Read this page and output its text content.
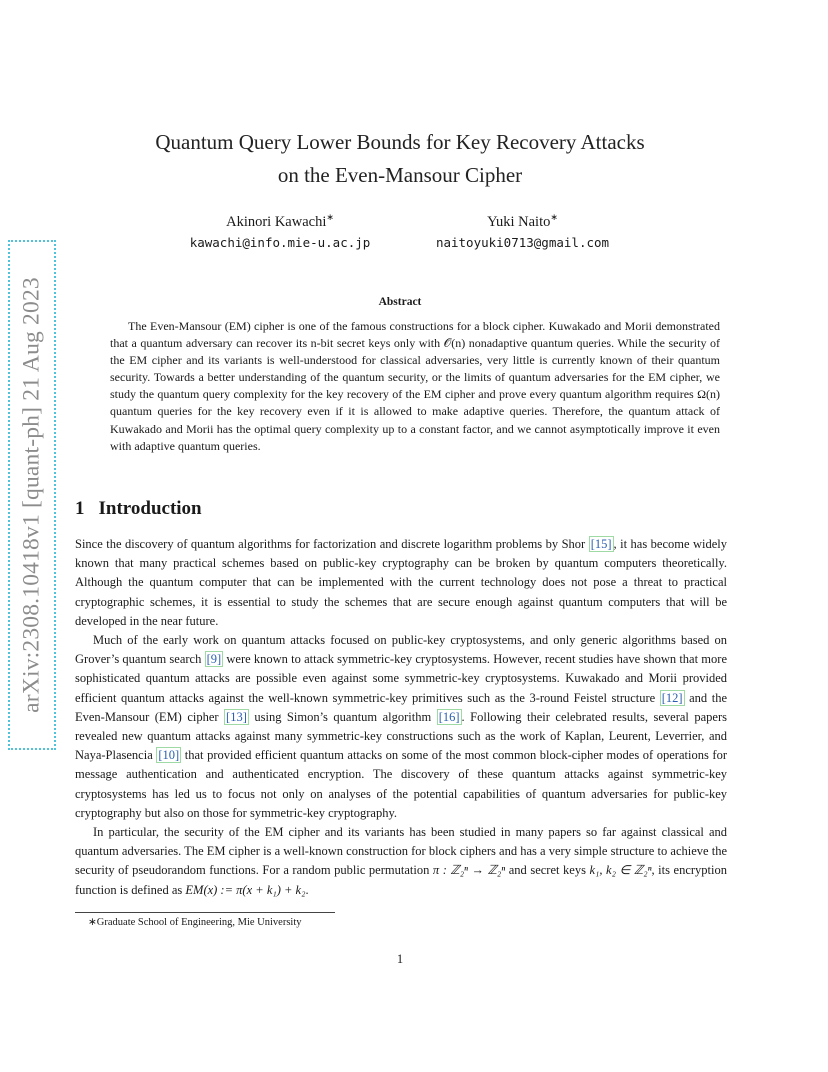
arXiv:2308.10418v1 [quant-ph] 21 Aug 2023
Quantum Query Lower Bounds for Key Recovery Attacks
on the Even-Mansour Cipher
Akinori Kawachi∗
kawachi@info.mie-u.ac.jp
Yuki Naito∗
naitoyuki0713@gmail.com
Abstract
The Even-Mansour (EM) cipher is one of the famous constructions for a block cipher. Kuwakado and Morii demonstrated that a quantum adversary can recover its n-bit secret keys only with 𝒪(n) nonadaptive quantum queries. While the security of the EM cipher and its variants is well-understood for classical adversaries, very little is currently known of their quantum security. Towards a better understanding of the quantum security, or the limits of quantum adversaries for the EM cipher, we study the quantum query complexity for the key recovery of the EM cipher and prove every quantum algorithm requires Ω(n) quantum queries for the key recovery even if it is allowed to make adaptive queries. Therefore, the quantum attack of Kuwakado and Morii has the optimal query complexity up to a constant factor, and we cannot asymptotically improve it even with adaptive quantum queries.
1 Introduction

Since the discovery of quantum algorithms for factorization and discrete logarithm problems by Shor [15] , it has become widely known that many practical schemes based on public-key cryptography can be broken by quantum computers theoretically. Although the quantum computer that can be implemented with the current technology does not pose a threat to practical cryptographic schemes, it is essential to study the schemes that are secure enough against quantum computers that will be developed in the near future.

Much of the early work on quantum attacks focused on public-key cryptosystems, and only generic algorithms based on Grover’s quantum search [9] were known to attack symmetric-key cryptosystems. However, recent studies have shown that more sophisticated quantum attacks are possible even against some symmetric-key cryptosystems. Kuwakado and Morii provided efficient quantum attacks against the well-known symmetric-key primitives such as the 3-round Feistel structure [12] and the Even-Mansour (EM) cipher [13] using Simon’s quantum algorithm [16] . Following their celebrated results, several papers revealed new quantum attacks against many symmetric-key constructions such as the work of Kaplan, Leurent, Leverrier, and Naya-Plasencia [10] that provided efficient quantum attacks on some of the most common block-cipher modes of operations for message authentication and authenticated encryption. The discovery of these quantum attacks against symmetric-key cryptosystems has led us to focus not only on analyses of the potential capabilities of quantum adversaries for public-key cryptography but also on those for symmetric-key cryptography.

In particular, the security of the EM cipher and its variants has been studied in many papers so far against classical and quantum adversaries. The EM cipher is a well-known construction for block ciphers and has a very simple structure to achieve the security of pseudorandom functions. For a random public permutation π : ℤ₂ⁿ → ℤ₂ⁿ and secret keys k₁, k₂ ∈ ℤ₂ⁿ, its encryption function is defined as EM(x) := π(x + k₁) + k₂.

∗Graduate School of Engineering, Mie University
1
